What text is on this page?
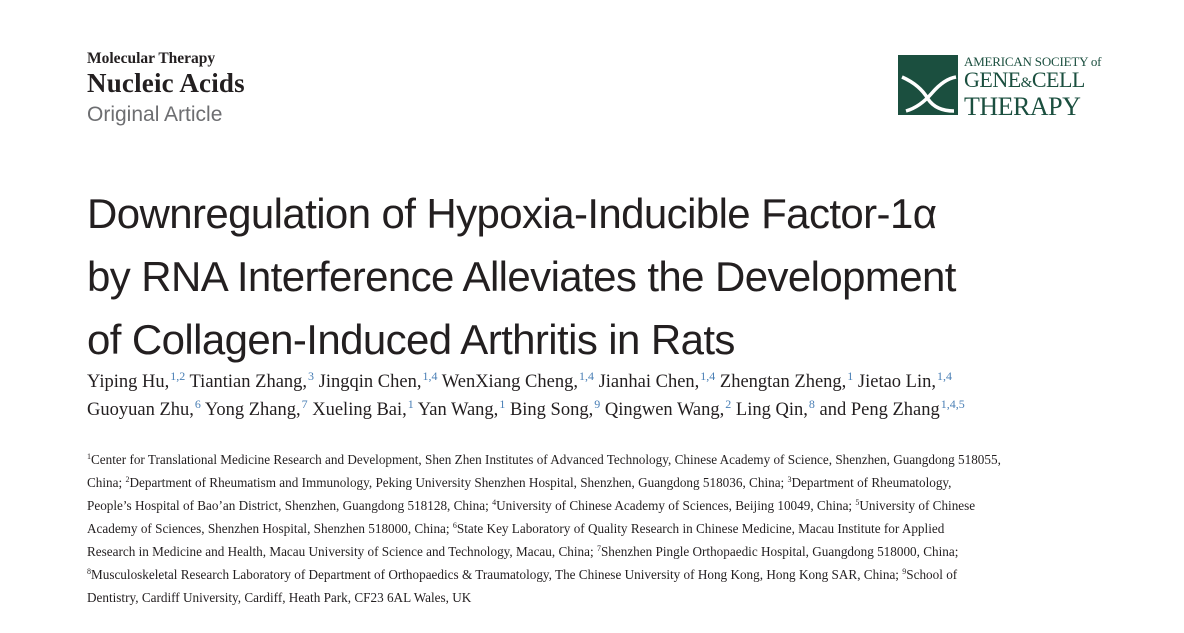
Molecular Therapy
Nucleic Acids
Original Article
AMERICAN SOCIETY of
GENE&CELL
THERAPY
Downregulation of Hypoxia-Inducible Factor-1α
by RNA Interference Alleviates the Development
of Collagen-Induced Arthritis in Rats
Yiping Hu,$^{1,2}$ Tiantian Zhang,$^3$ Jingqin Chen,$^{1,4}$ WenXiang Cheng,$^{1,4}$ Jianhai Chen,$^{1,4}$ Zhengtan Zheng,$^1$ Jietao Lin,$^{1,4}$
Guoyuan Zhu,$^6$ Yong Zhang,$^7$ Xueling Bai,$^1$ Yan Wang,$^1$ Bing Song,$^9$ Qingwen Wang,$^2$ Ling Qin,$^8$ and Peng Zhang$^{1,4,5}$
$^1$Center for Translational Medicine Research and Development, Shen Zhen Institutes of Advanced Technology, Chinese Academy of Science, Shenzhen, Guangdong 518055,
China; $^2$Department of Rheumatism and Immunology, Peking University Shenzhen Hospital, Shenzhen, Guangdong 518036, China; $^3$Department of Rheumatology,
People’s Hospital of Bao’an District, Shenzhen, Guangdong 518128, China; $^4$University of Chinese Academy of Sciences, Beijing 10049, China; $^5$University of Chinese
Academy of Sciences, Shenzhen Hospital, Shenzhen 518000, China; $^6$State Key Laboratory of Quality Research in Chinese Medicine, Macau Institute for Applied
Research in Medicine and Health, Macau University of Science and Technology, Macau, China; $^7$Shenzhen Pingle Orthopaedic Hospital, Guangdong 518000, China;
$^8$Musculoskeletal Research Laboratory of Department of Orthopaedics & Traumatology, The Chinese University of Hong Kong, Hong Kong SAR, China; $^9$School of
Dentistry, Cardiff University, Cardiff, Heath Park, CF23 6AL Wales, UK
